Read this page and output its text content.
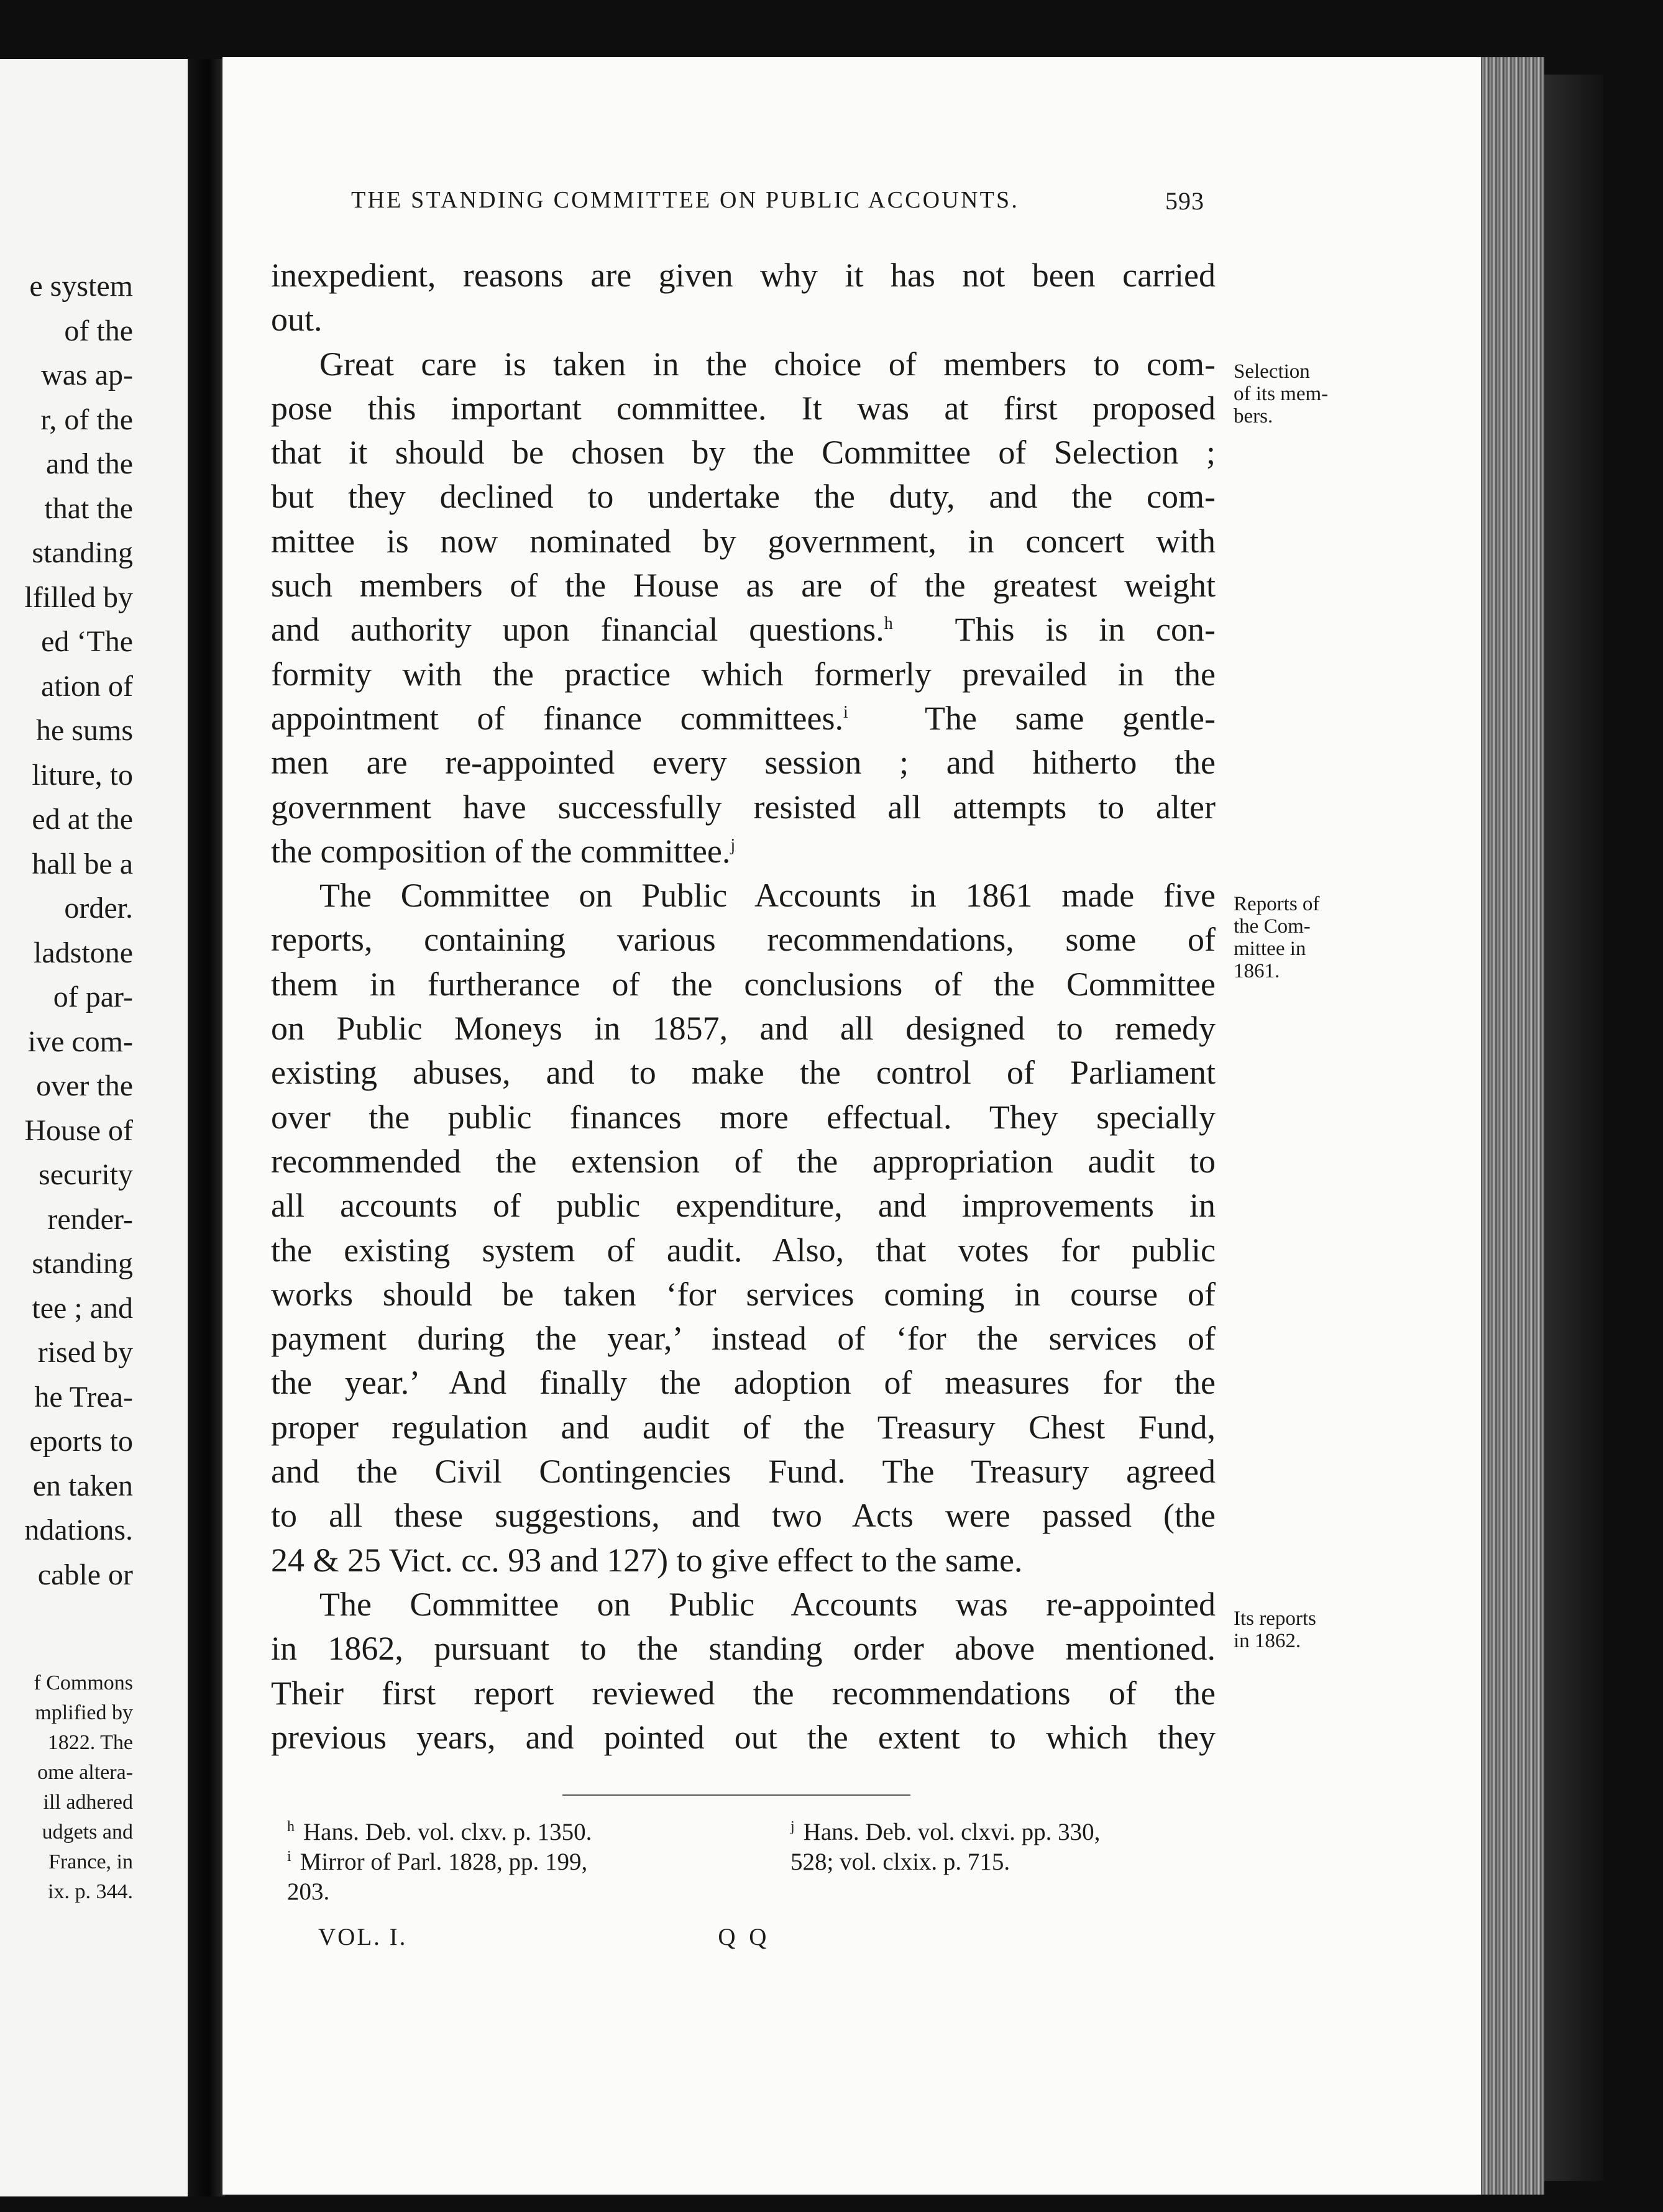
e system
of the
was ap-
r, of the
and the
that the
standing
lfilled by
ed ‘The
ation of
he sums
liture, to
ed at the
hall be a
order.
ladstone
of par-
ive com-
over the
House of
security
render-
standing
tee ; and
rised by
he Trea-
eports to
en taken
ndations.
cable or
f Commons
mplified by
1822. The
ome altera-
ill adhered
udgets and
France, in
ix. p. 344.
THE STANDING COMMITTEE ON PUBLIC ACCOUNTS.	593
inexpedient, reasons are given why it has not been carried
out.
Great care is taken in the choice of members to com-
pose this important committee. It was at first proposed
that it should be chosen by the Committee of Selection ;
but they declined to undertake the duty, and the com-
mittee is now nominated by government, in concert with
such members of the House as are of the greatest weight
and authority upon financial questions.$^h$ This is in con-
formity with the practice which formerly prevailed in the
appointment of finance committees.$^i$ The same gentle-
men are re-appointed every session ; and hitherto the
government have successfully resisted all attempts to alter
the composition of the committee.$^j$
The Committee on Public Accounts in 1861 made five
reports, containing various recommendations, some of
them in furtherance of the conclusions of the Committee
on Public Moneys in 1857, and all designed to remedy
existing abuses, and to make the control of Parliament
over the public finances more effectual. They specially
recommended the extension of the appropriation audit to
all accounts of public expenditure, and improvements in
the existing system of audit. Also, that votes for public
works should be taken ‘for services coming in course of
payment during the year,’ instead of ‘for the services of
the year.’ And finally the adoption of measures for the
proper regulation and audit of the Treasury Chest Fund,
and the Civil Contingencies Fund. The Treasury agreed
to all these suggestions, and two Acts were passed (the
24 & 25 Vict. cc. 93 and 127) to give effect to the same.
The Committee on Public Accounts was re-appointed
in 1862, pursuant to the standing order above mentioned.
Their first report reviewed the recommendations of the
previous years, and pointed out the extent to which they
Selection
of its mem-
bers.
Reports of
the Com-
mittee in
1861.
Its reports
in 1862.
$^h$ Hans. Deb. vol. clxv. p. 1350.
$^i$ Mirror of Parl. 1828, pp. 199,
203.
$^j$ Hans. Deb. vol. clxvi. pp. 330,
528; vol. clxix. p. 715.
VOL. I.	Q Q
